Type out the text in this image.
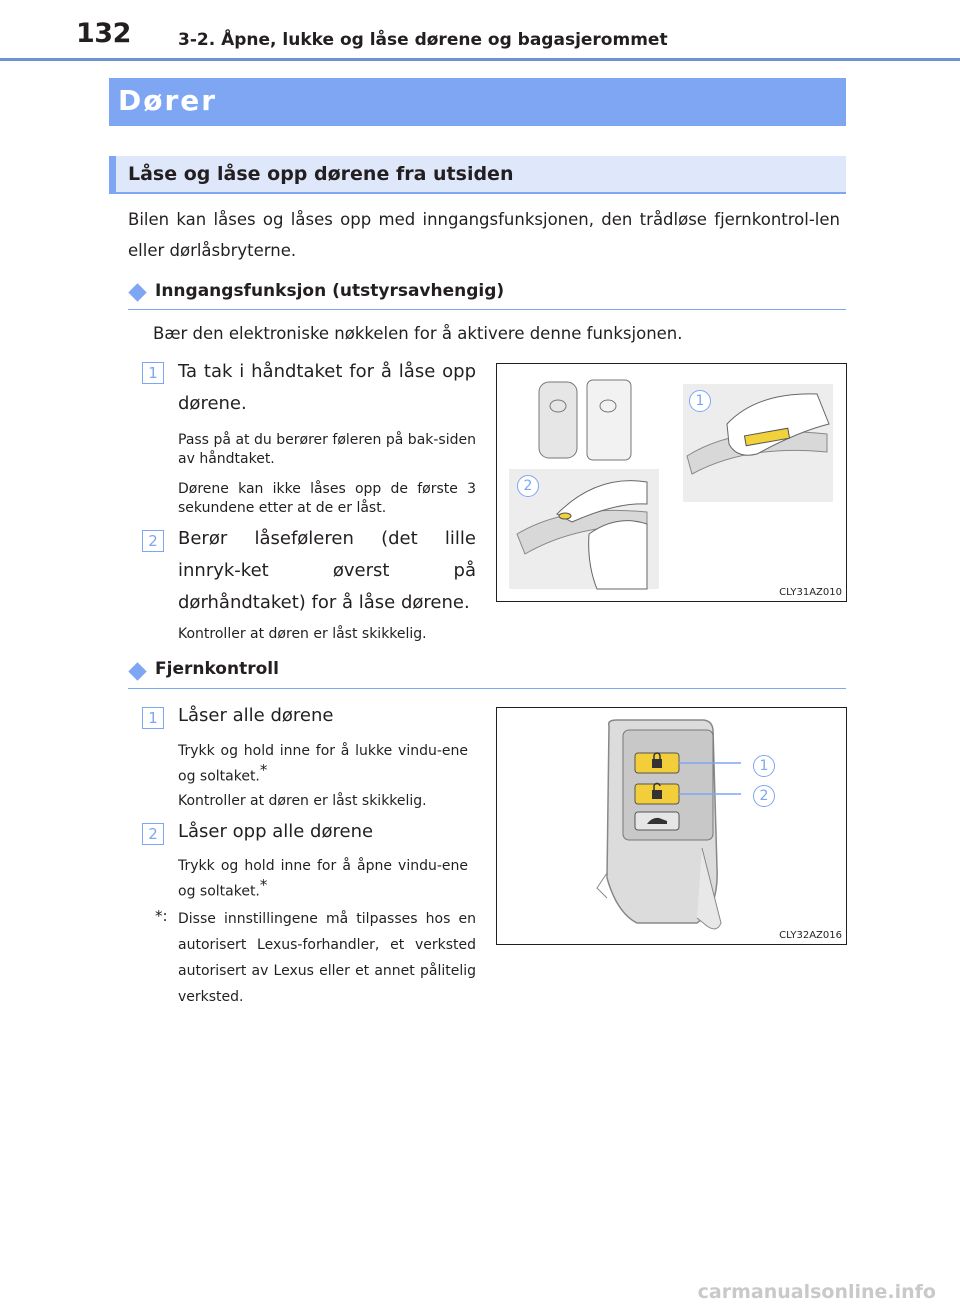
132	3-2. Åpne, lukke og låse dørene og bagasjerommet
Dører
Låse og låse opp dørene fra utsiden
Bilen kan låses og låses opp med inngangsfunksjonen, den trådløse fjernkontrol-len eller dørlåsbryterne.
Inngangsfunksjon (utstyrsavhengig)
Bær den elektroniske nøkkelen for å aktivere denne funksjonen.
1	Ta tak i håndtaket for å låse opp dørene.
Pass på at du berører føleren på bak-siden av håndtaket.
Dørene kan ikke låses opp de første 3 sekundene etter at de er låst.
2	Berør låseføleren (det lille innryk-ket øverst på dørhåndtaket) for å låse dørene.
Kontroller at døren er låst skikkelig.
1
2
CLY31AZ010
Fjernkontroll
1	Låser alle dørene
Trykk og hold inne for å lukke vindu-ene og soltaket.*
Kontroller at døren er låst skikkelig.
2	Låser opp alle dørene
Trykk og hold inne for å åpne vindu-ene og soltaket.*
*: Disse innstillingene må tilpasses hos en autorisert Lexus-forhandler, et verksted autorisert av Lexus eller et annet pålitelig verksted.
1
2
CLY32AZ016
carmanualsonline.info
